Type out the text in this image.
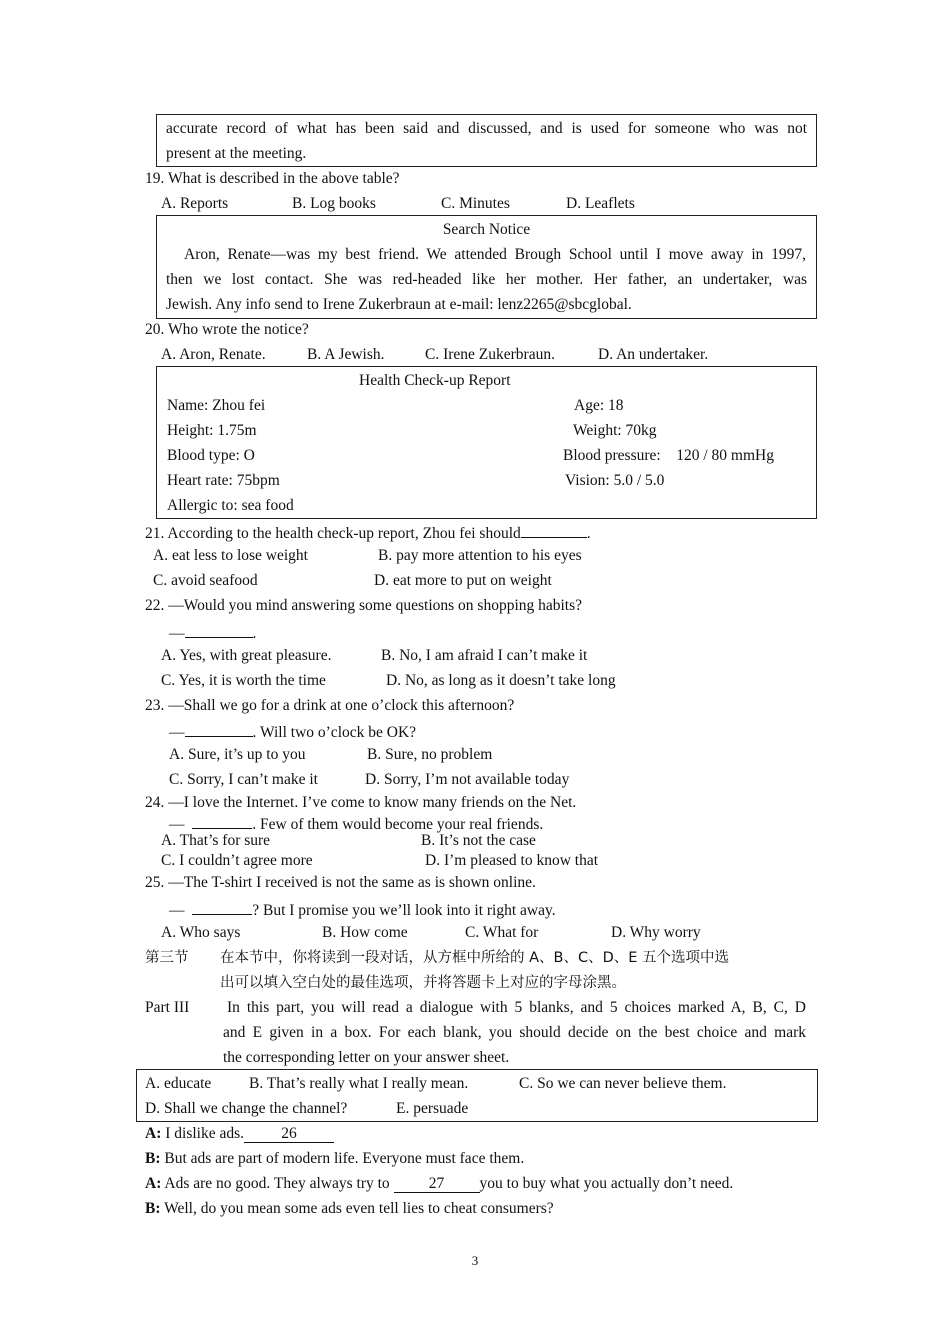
accurate record of what has been said and discussed, and is used for someone who was not
present at the meeting.
19. What is described in the above table?
A. Reports	B. Log books	C. Minutes	D. Leaflets
Search Notice
Aron, Renate—was my best friend. We attended Brough School until I move away in 1997,
then we lost contact. She was red-headed like her mother. Her father, an undertaker, was
Jewish. Any info send to Irene Zukerbraun at e-mail: lenz2265@sbcglobal.
20. Who wrote the notice?
A. Aron, Renate.	B. A Jewish.	C. Irene Zukerbraun.	D. An undertaker.
Health Check-up Report
Name: Zhou fei	Age: 18
Height: 1.75m	Weight: 70kg
Blood type: O	Blood pressure:    120 / 80 mmHg
Heart rate: 75bpm	Vision: 5.0 / 5.0
Allergic to: sea food
21. According to the health check-up report, Zhou fei should	.
A. eat less to lose weight	B. pay more attention to his eyes
C. avoid seafood	D. eat more to put on weight
22. —Would you mind answering some questions on shopping habits?
—	.
A. Yes, with great pleasure.	B. No, I am afraid I can’t make it
C. Yes, it is worth the time	D. No, as long as it doesn’t take long
23. —Shall we go for a drink at one o’clock this afternoon?
—	. Will two o’clock be OK?
A. Sure, it’s up to you	B. Sure, no problem
C. Sorry, I can’t make it	D. Sorry, I’m not available today
24. —I love the Internet. I’ve come to know many friends on the Net.
—	. Few of them would become your real friends.
A. That’s for sure	B. It’s not the case
C. I couldn’t agree more	D. I’m pleased to know that
25. —The T-shirt I received is not the same as is shown online.
—	? But I promise you we’ll look into it right away.
A. Who says	B. How come	C. What for	D. Why worry
第三节 在本节中，你将读到一段对话，从方框中所给的 A、B、C、D、E 五个选项中选
出可以填入空白处的最佳选项，并将答题卡上对应的字母涂黑。
Part III In this part, you will read a dialogue with 5 blanks, and 5 choices marked A, B, C, D
and E given in a box. For each blank, you should decide on the best choice and mark
the corresponding letter on your answer sheet.
A. educate B. That’s really what I really mean.	C. So we can never believe them.
D. Shall we change the channel?	E. persuade
A: I dislike ads. 26
B: But ads are part of modern life. Everyone must face them.
A: Ads are no good. They always try to 27 you to buy what you actually don’t need.
B: Well, do you mean some ads even tell lies to cheat consumers?
3
